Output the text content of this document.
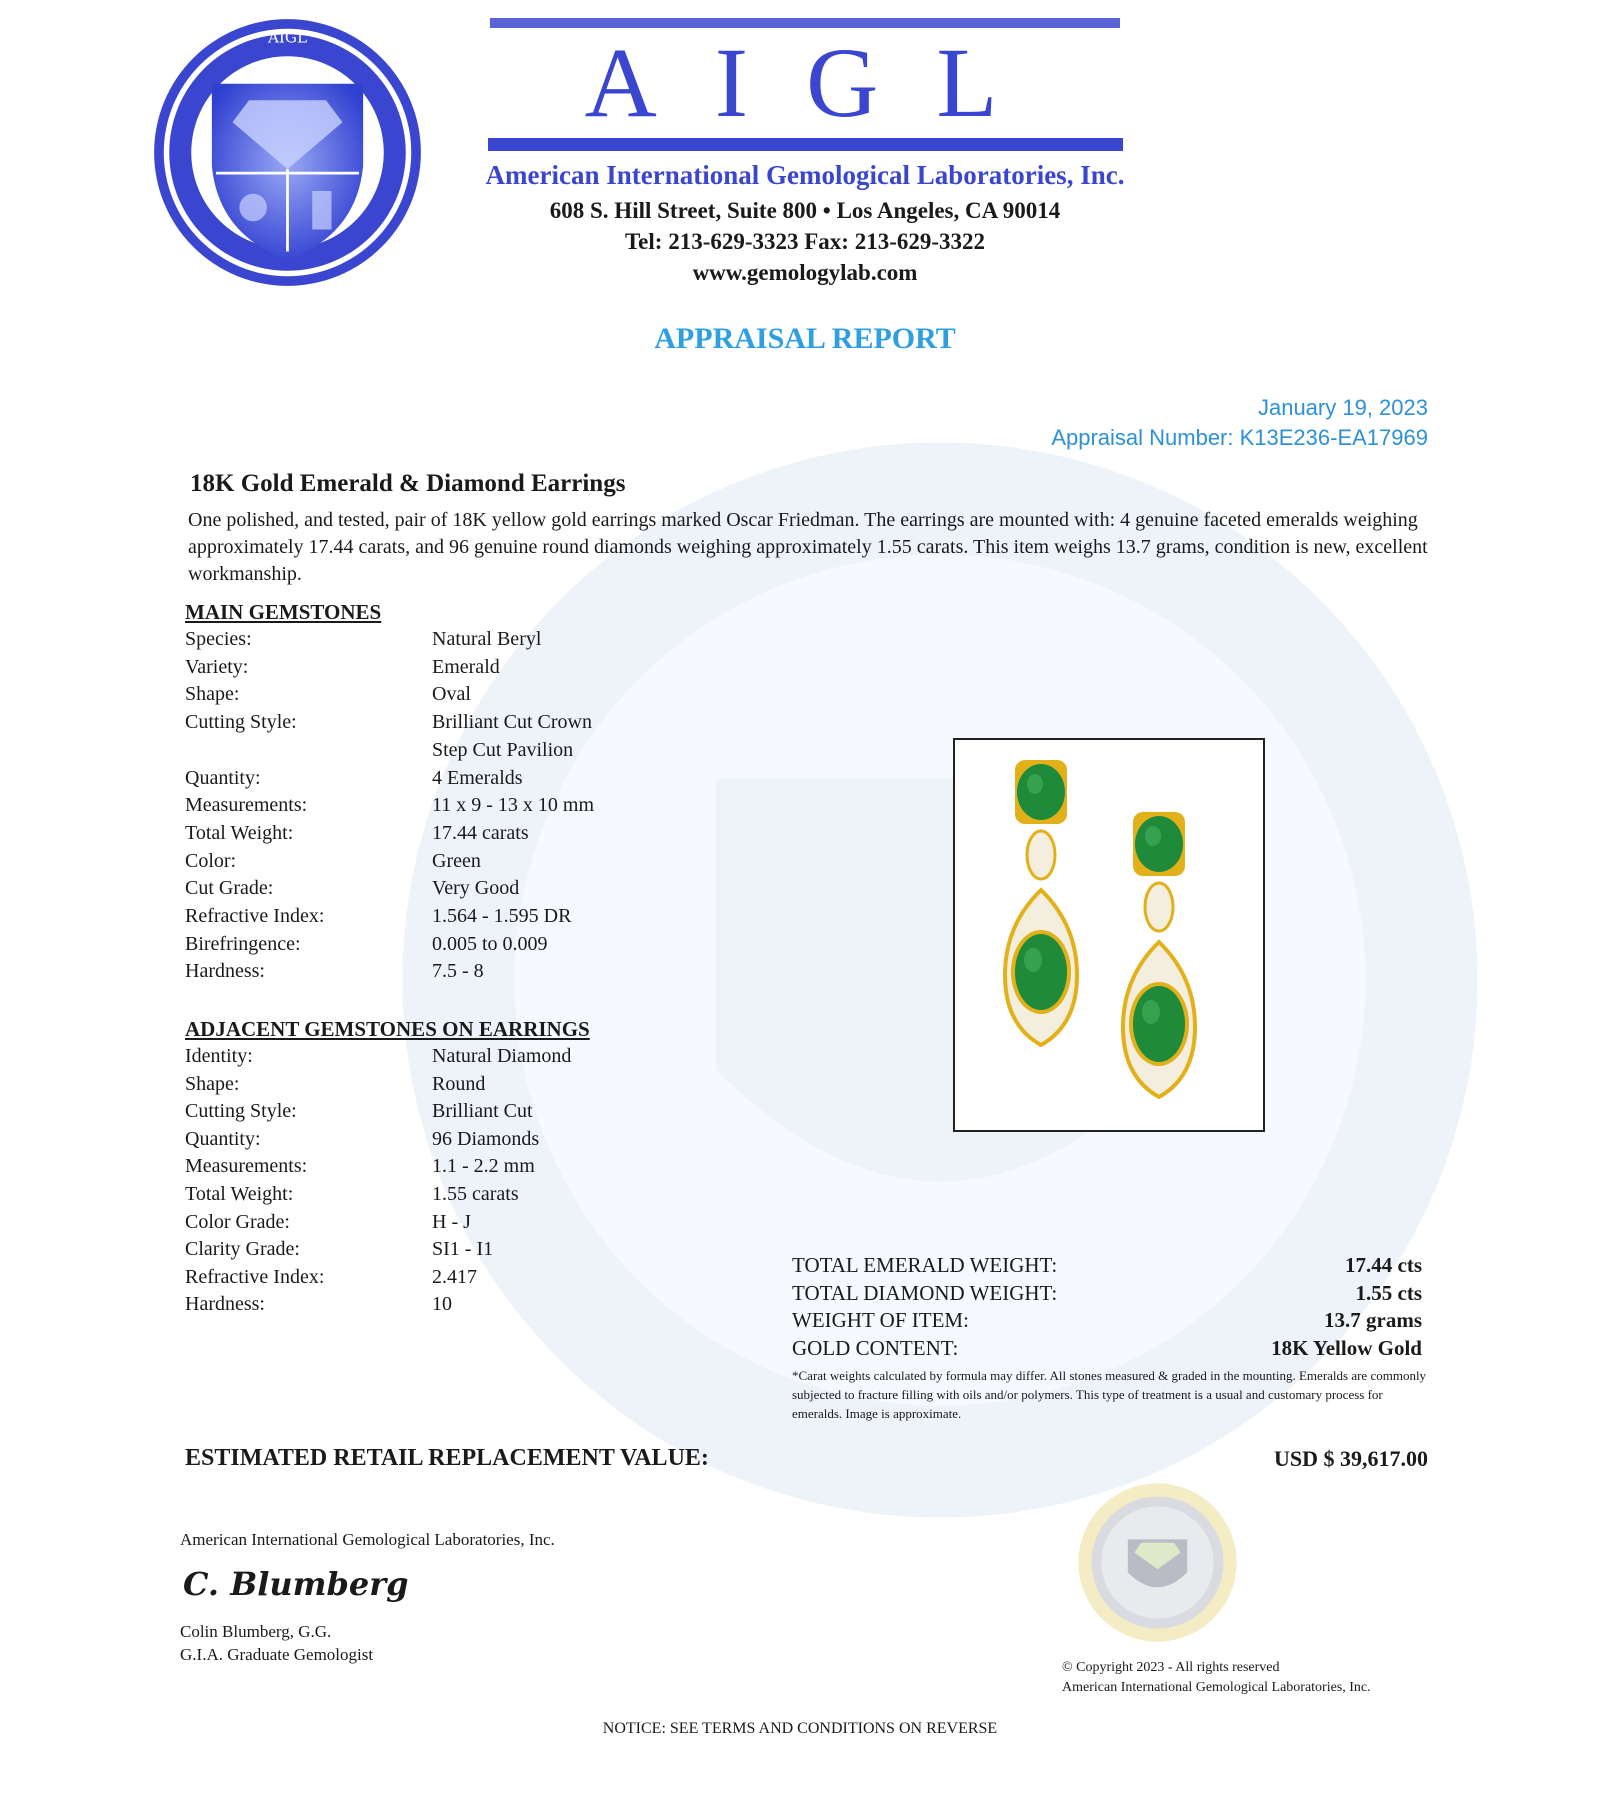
AIGL	AIGL
American International Gemological Laboratories, Inc.
608 S. Hill Street, Suite 800 • Los Angeles, CA 90014
Tel: 213-629-3323 Fax: 213-629-3322
www.gemologylab.com
APPRAISAL REPORT
January 19, 2023
Appraisal Number: K13E236-EA17969
18K Gold Emerald & Diamond Earrings
One polished, and tested, pair of 18K yellow gold earrings marked Oscar Friedman. The earrings are mounted with: 4 genuine faceted emeralds weighing approximately 17.44 carats, and 96 genuine round diamonds weighing approximately 1.55 carats. This item weighs 13.7 grams, condition is new, excellent workmanship.
MAIN GEMSTONES
Species:	Natural Beryl
Variety:	Emerald
Shape:	Oval
Cutting Style:	Brilliant Cut Crown
Step Cut Pavilion
Quantity:	4 Emeralds
Measurements:	11 x 9 - 13 x 10 mm
Total Weight:	17.44 carats
Color:	Green
Cut Grade:	Very Good
Refractive Index:	1.564 - 1.595 DR
Birefringence:	0.005 to 0.009
Hardness:	7.5 - 8
ADJACENT GEMSTONES ON EARRINGS
Identity:	Natural Diamond
Shape:	Round
Cutting Style:	Brilliant Cut
Quantity:	96 Diamonds
Measurements:	1.1 - 2.2 mm
Total Weight:	1.55 carats
Color Grade:	H - J
Clarity Grade:	SI1 - I1
Refractive Index:	2.417
Hardness:	10
TOTAL EMERALD WEIGHT:	17.44 cts
TOTAL DIAMOND WEIGHT:	1.55 cts
WEIGHT OF ITEM:	13.7 grams
GOLD CONTENT:	18K Yellow Gold
*Carat weights calculated by formula may differ. All stones measured & graded in the mounting. Emeralds are commonly subjected to fracture filling with oils and/or polymers. This type of treatment is a usual and customary process for emeralds. Image is approximate.
ESTIMATED RETAIL REPLACEMENT VALUE:	USD $ 39,617.00
American International Gemological Laboratories, Inc.
C. Blumberg
Colin Blumberg, G.G.
G.I.A. Graduate Gemologist
© Copyright 2023 - All rights reserved
American International Gemological Laboratories, Inc.
NOTICE: SEE TERMS AND CONDITIONS ON REVERSE
